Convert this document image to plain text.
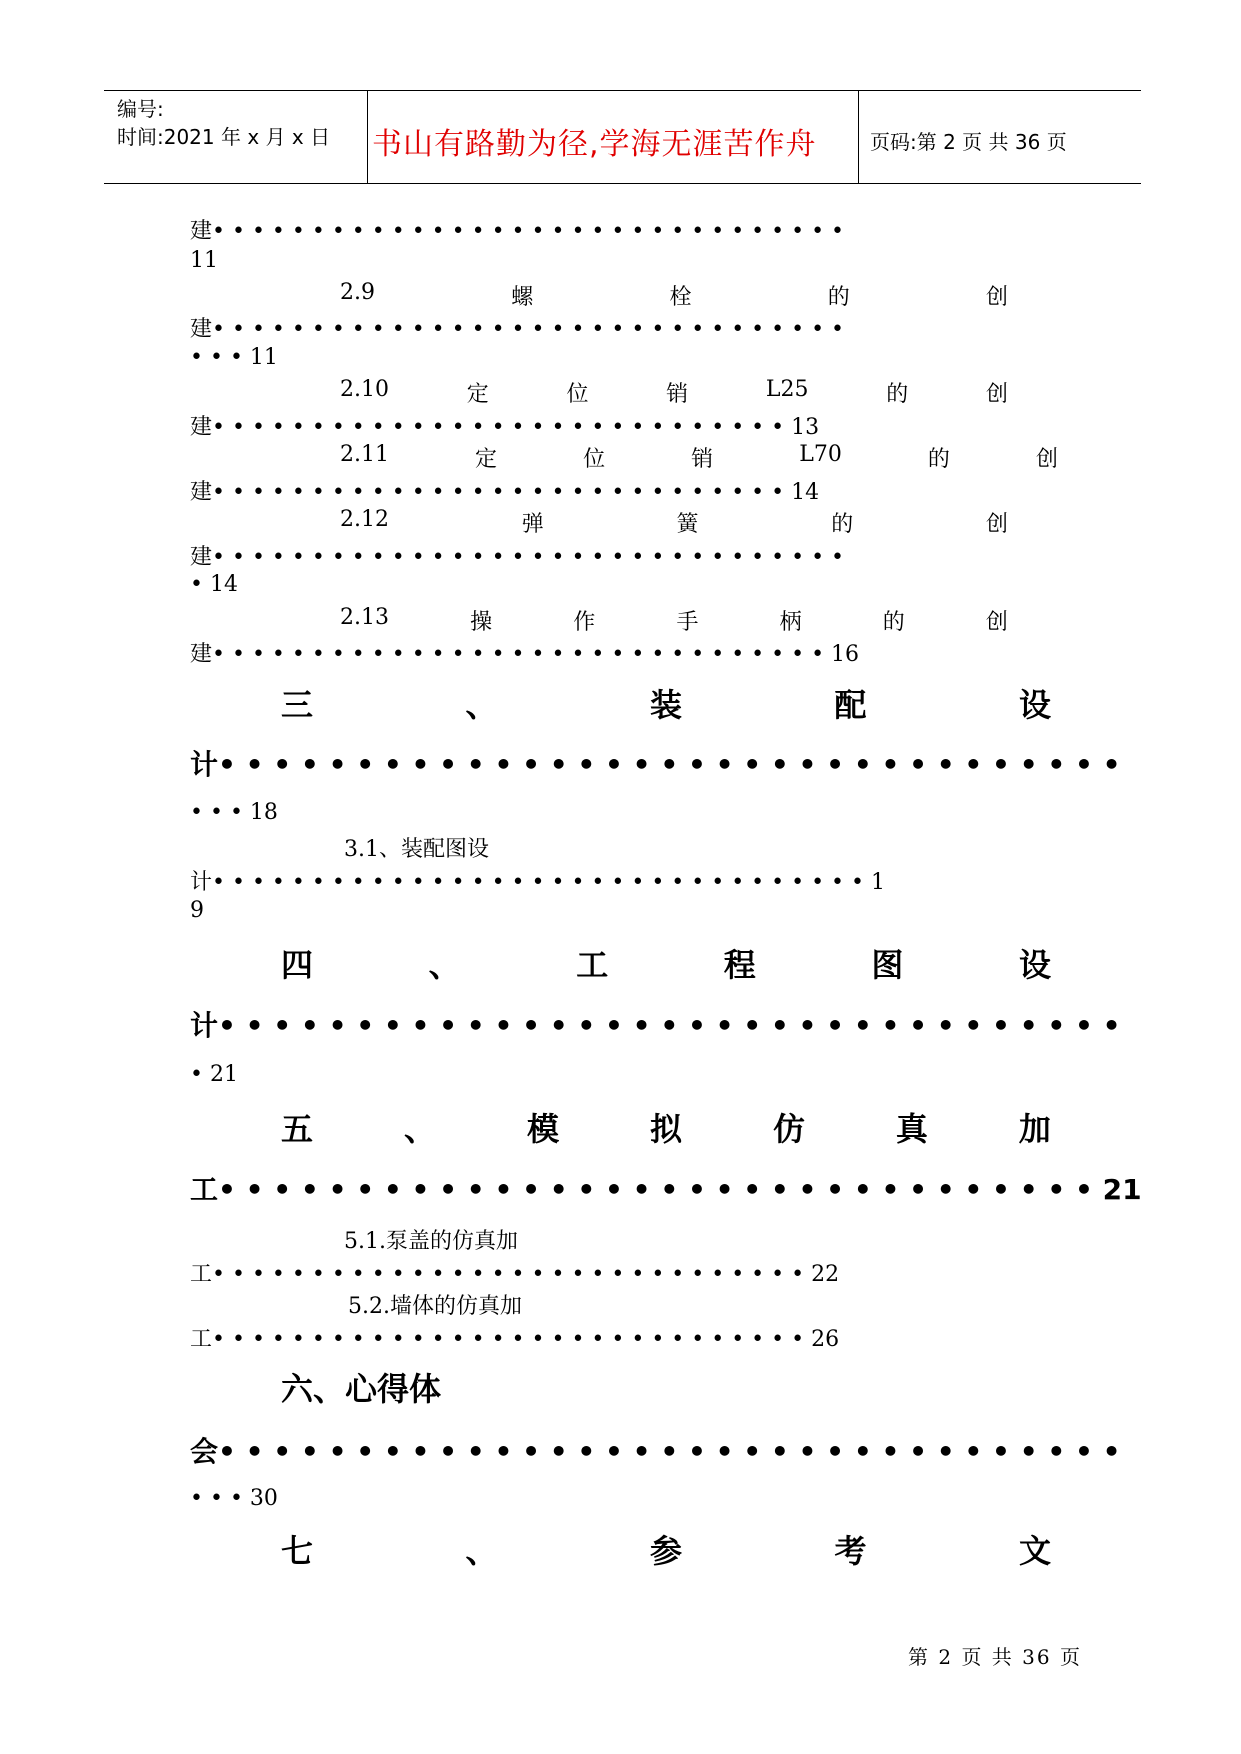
编号:
时间:2021 年 x 月 x 日 书山有路勤为径,学海无涯苦作舟	页码:第 2 页 共 36 页
建• • • • • • • • • • • • • • • • • • • • • • • • • • • • • • • •
11
2.9	螺	栓	的	创
建• • • • • • • • • • • • • • • • • • • • • • • • • • • • • • • •
• • • 11
2.10	定	位	销	L25	的	创
建• • • • • • • • • • • • • • • • • • • • • • • • • • • • • 13
2.11	定	位	销	L70	的	创
建• • • • • • • • • • • • • • • • • • • • • • • • • • • • • 14
2.12	弹	簧	的	创
建• • • • • • • • • • • • • • • • • • • • • • • • • • • • • • • •
• 14
2.13	操	作	手	柄	的	创
建• • • • • • • • • • • • • • • • • • • • • • • • • • • • • • • 16
三	、	装	配	设
计• • • • • • • • • • • • • • • • • • • • • • • • • • • • • • • • •
• • • 18
3.1、装配图设
计• • • • • • • • • • • • • • • • • • • • • • • • • • • • • • • • • 1
9
四	、	工	程	图	设
计• • • • • • • • • • • • • • • • • • • • • • • • • • • • • • • • •
• 21
五	、	模	拟	仿	真	加
工• • • • • • • • • • • • • • • • • • • • • • • • • • • • • • • • 21
5.1.泵盖的仿真加
工• • • • • • • • • • • • • • • • • • • • • • • • • • • • • • 22
5.2.墙体的仿真加
工• • • • • • • • • • • • • • • • • • • • • • • • • • • • • • 26
六、心得体
会• • • • • • • • • • • • • • • • • • • • • • • • • • • • • • • • •
• • • 30
七	、	参	考	文
第 2 页 共 36 页
